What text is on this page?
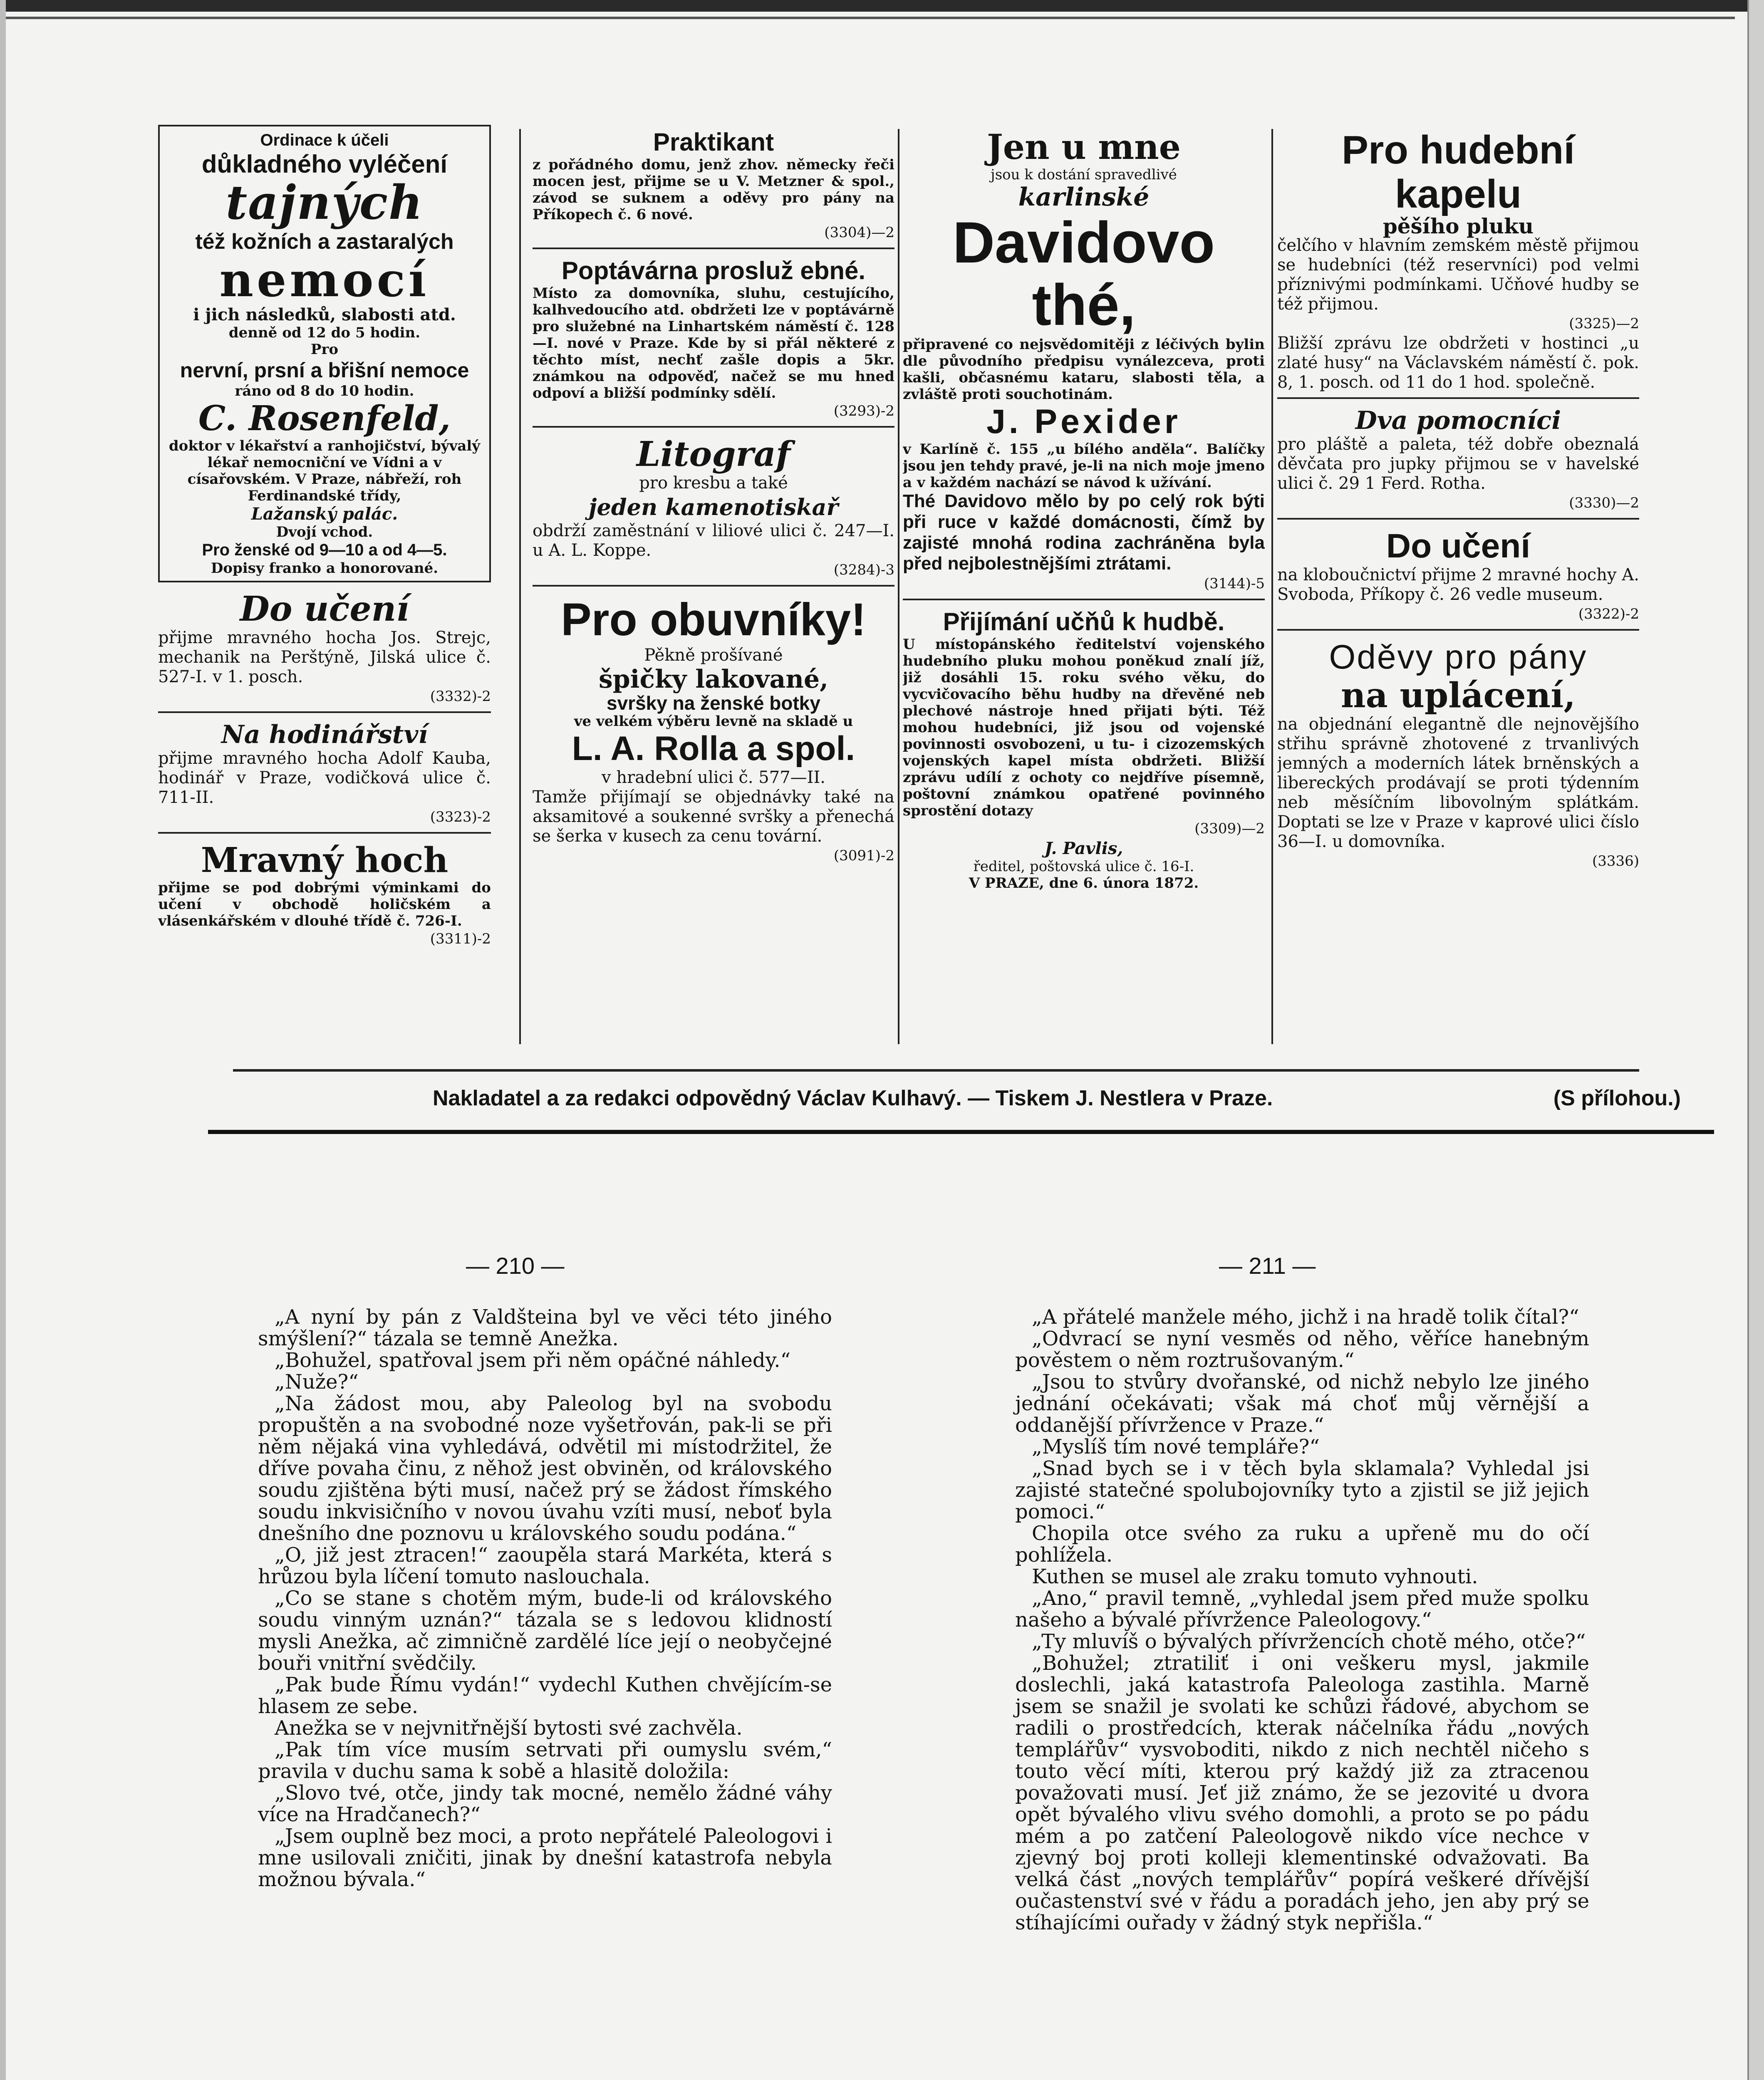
Ordinace k účeli
důkladného vyléčení
tajných
též kožních a zastaralých
nemocí
i jich následků, slabosti atd.
denně od 12 do 5 hodin.
Pro
nervní, prsní a břišní nemoce
ráno od 8 do 10 hodin.
C. Rosenfeld,
doktor v lékařství a ranhojičství, bývalý lékař nemocniční ve Vídni a v císařovském. V Praze, nábřeží, roh Ferdinandské třídy,
Lažanský palác.
Dvojí vchod.
Pro ženské od 9—10 a od 4—5.
Dopisy franko a honorované.
Do učení
přijme mravného hocha Jos. Strejc, mechanik na Perštýně, Jilská ulice č. 527-I. v 1. posch.
(3332)-2
Na hodinářství
přijme mravného hocha Adolf Kauba, hodinář v Praze, vodičková ulice č. 711-II.
(3323)-2
Mravný hoch
přijme se pod dobrými výminkami do učení v obchodě holičském a vlásenkářském v dlouhé třídě č. 726-I.
(3311)-2
Praktikant
z pořádného domu, jenž zhov. německy řeči mocen jest, přijme se u V. Metzner & spol., závod se suknem a oděvy pro pány na Příkopech č. 6 nové.
(3304)—2
Poptávárna prosluž ebné.
Místo za domovníka, sluhu, cestujícího, kalhvedoucího atd. obdržeti lze v poptávárně pro služebné na Linhartském náměstí č. 128—I. nové v Praze. Kde by si přál některé z těchto míst, nechť zašle dopis a 5kr. známkou na odpověď, načež se mu hned odpoví a bližší podmínky sdělí.
(3293)-2
Litograf
pro kresbu a také
jeden kamenotiskař
obdrží zaměstnání v liliové ulici č. 247—I. u A. L. Koppe.
(3284)-3
Pro obuvníky!
Pěkně prošívané
špičky lakované,
svršky na ženské botky
ve velkém výběru levně na skladě u
L. A. Rolla a spol.
v hradební ulici č. 577—II.
Tamže přijímají se objednávky také na aksamitové a soukenné svršky a přenechá se šerka v kusech za cenu tovární.
(3091)-2
Jen u mne
jsou k dostání spravedlivé
karlinské
Davidovo thé,
připravené co nejsvědomitěji z léčivých bylin dle původního předpisu vynálezceva, proti kašli, občasnému kataru, slabosti těla, a zvláště proti souchotinám.
J. Pexider
v Karlíně č. 155 „u bílého anděla“. Balíčky jsou jen tehdy pravé, je-li na nich moje jmeno a v každém nachází se návod k užívání.
Thé Davidovo mělo by po celý rok býti při ruce v každé domácnosti, čímž by zajisté mnohá rodina zachráněna byla před nejbolestnějšími ztrátami.
(3144)-5
Přijímání učňů k hudbě.
U místopánského ředitelství vojenského hudebního pluku mohou poněkud znalí jíž, již dosáhli 15. roku svého věku, do vycvičovacího běhu hudby na dřevěné neb plechové nástroje hned přijati býti. Též mohou hudebníci, již jsou od vojenské povinnosti osvobozeni, u tu- i cizozemských vojenských kapel místa obdržeti. Bližší zprávu udílí z ochoty co nejdříve písemně, poštovní známkou opatřené povinného sprostění dotazy
(3309)—2
J. Pavlis,
ředitel, poštovská ulice č. 16-I.
V PRAZE, dne 6. února 1872.
Pro hudební kapelu
pěšího pluku
čelčího v hlavním zemském městě přijmou se hudebníci (též reservníci) pod velmi příznivými podmínkami. Učňové hudby se též přijmou.
(3325)—2
Bližší zprávu lze obdržeti v hostinci „u zlaté husy“ na Václavském náměstí č. pok. 8, 1. posch. od 11 do 1 hod. společně.
Dva pomocníci
pro pláště a paleta, též dobře obeznalá děvčata pro jupky přijmou se v havelské ulici č. 29 1 Ferd. Rotha.
(3330)—2
Do učení
na kloboučnictví přijme 2 mravné hochy A. Svoboda, Příkopy č. 26 vedle museum.
(3322)-2
Oděvy pro pány
na uplácení,
na objednání elegantně dle nejnovějšího střihu správně zhotovené z trvanlivých jemných a moderních látek brněnských a libereckých prodávají se proti týdenním neb měsíčním libovolným splátkám. Doptati se lze v Praze v kaprové ulici číslo 36—I. u domovníka.
(3336)
Nakladatel a za redakci odpovědný Václav Kulhavý. — Tiskem J. Nestlera v Praze.	(S přílohou.)
— 210 —	— 211 —

„A nyní by pán z Valdšteina byl ve věci této jiného smýšlení?“ tázala se temně Anežka.

„Bohužel, spatřoval jsem při něm opáčné náhledy.“

„Nuže?“

„Na žádost mou, aby Paleolog byl na svobodu propuštěn a na svobodné noze vyšetřován, pak-li se při něm nějaká vina vyhledává, odvětil mi místodržitel, že dříve povaha činu, z něhož jest obviněn, od královského soudu zjištěna býti musí, načež prý se žádost římského soudu inkvisičního v novou úvahu vzíti musí, neboť byla dnešního dne poznovu u královského soudu podána.“

„O, již jest ztracen!“ zaoupěla stará Markéta, která s hrůzou byla líčení tomuto naslouchala.

„Co se stane s chotěm mým, bude-li od královského soudu vinným uznán?“ tázala se s ledovou klidností mysli Anežka, ač zimničně zardělé líce její o neobyčejné bouři vnitřní svědčily.

„Pak bude Římu vydán!“ vydechl Kuthen chvějícím-se hlasem ze sebe.

Anežka se v nejvnitřnější bytosti své zachvěla.

„Pak tím více musím setrvati při oumyslu svém,“ pravila v duchu sama k sobě a hlasitě doložila:

„Slovo tvé, otče, jindy tak mocné, nemělo žádné váhy více na Hradčanech?“

„Jsem ouplně bez moci, a proto nepřátelé Paleologovi i mne usilovali zničiti, jinak by dnešní katastrofa nebyla možnou bývala.“

„A přátelé manžele mého, jichž i na hradě tolik čítal?“

„Odvrací se nyní vesměs od něho, věříce hanebným pověstem o něm roztrušovaným.“

„Jsou to stvůry dvořanské, od nichž nebylo lze jiného jednání očekávati; však má choť můj věrnější a oddanější přívržence v Praze.“

„Myslíš tím nové templáře?“

„Snad bych se i v těch byla sklamala? Vyhledal jsi zajisté statečné spolubojovníky tyto a zjistil se již jejich pomoci.“

Chopila otce svého za ruku a upřeně mu do očí pohlížela.

Kuthen se musel ale zraku tomuto vyhnouti.

„Ano,“ pravil temně, „vyhledal jsem před muže spolku našeho a bývalé přívržence Paleologovy.“

„Ty mluvíš o bývalých přívržencích chotě mého, otče?“

„Bohužel; ztratiliť i oni veškeru mysl, jakmile doslechli, jaká katastrofa Paleologa zastihla. Marně jsem se snažil je svolati ke schůzi řádové, abychom se radili o prostředcích, kterak náčelníka řádu „nových templářův“ vysvoboditi, nikdo z nich nechtěl ničeho s touto věcí míti, kterou prý každý již za ztracenou považovati musí. Jeť již známo, že se jezovité u dvora opět bývalého vlivu svého domohli, a proto se po pádu mém a po zatčení Paleologově nikdo více nechce v zjevný boj proti kolleji klementinské odvažovati. Ba velká část „nových templářův“ popírá veškeré dřívější oučastenství své v řádu a poradách jeho, jen aby prý se stíhajícími ouřady v žádný styk nepřišla.“
